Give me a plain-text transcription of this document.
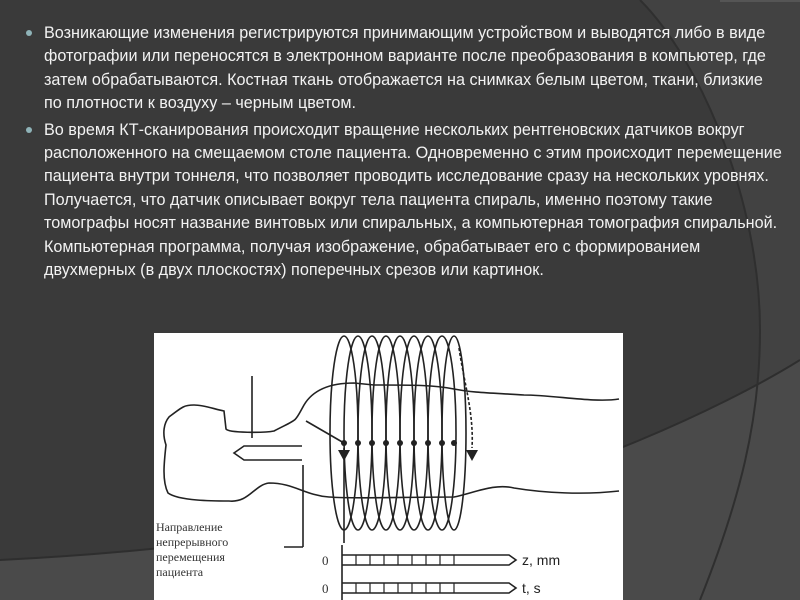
Возникающие изменения регистрируются принимающим устройством и выводятся либо в виде фотографии или переносятся в электронном варианте после преобразования в компьютер, где затем обрабатываются. Костная ткань отображается на снимках белым цветом, ткани, близкие по плотности к воздуху – черным цветом.
Во время КТ-сканирования происходит вращение нескольких рентгеновских датчиков вокруг расположенного на смещаемом столе пациента. Одновременно с этим происходит перемещение пациента внутри тоннеля, что позволяет проводить исследование сразу на нескольких уровнях. Получается, что датчик описывает вокруг тела пациента спираль, именно поэтому такие томографы носят название винтовых или спиральных, а компьютерная томография спиральной. Компьютерная программа, получая изображение, обрабатывает его с формированием двухмерных (в двух плоскостях) поперечных срезов или картинок.
Направление
непрерывного
перемещения
пациента
0
0
z, mm
t, s
